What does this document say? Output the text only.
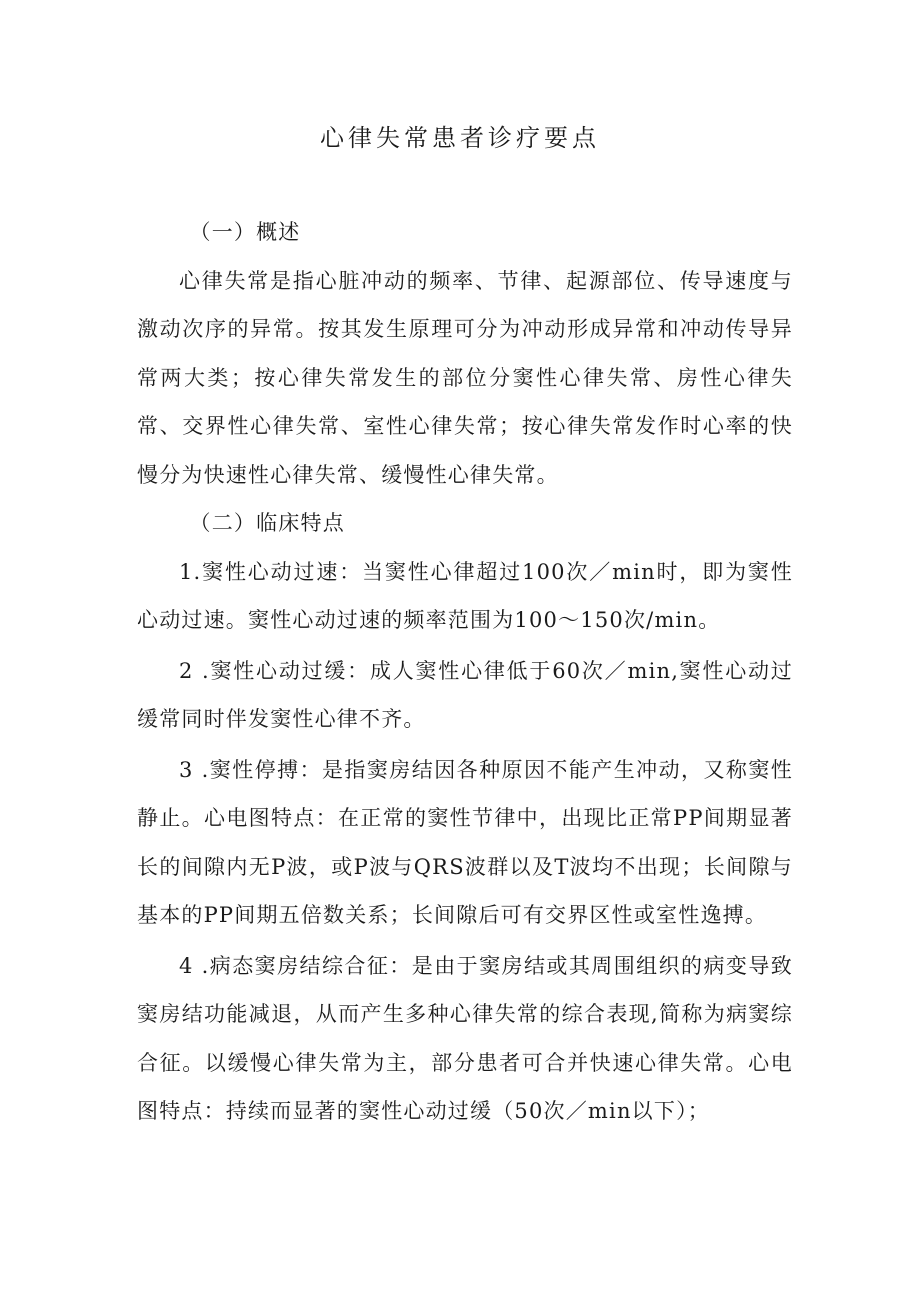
心律失常患者诊疗要点

（一）概述

心律失常是指心脏冲动的频率、节律、起源部位、传导速度与激动次序的异常。按其发生原理可分为冲动形成异常和冲动传导异常两大类；按心律失常发生的部位分窦性心律失常、房性心律失常、交界性心律失常、室性心律失常；按心律失常发作时心率的快慢分为快速性心律失常、缓慢性心律失常。

（二）临床特点

1.窦性心动过速：当窦性心律超过100次／min时，即为窦性心动过速。窦性心动过速的频率范围为100～150次/min。

2 .窦性心动过缓：成人窦性心律低于60次／min,窦性心动过缓常同时伴发窦性心律不齐。

3 .窦性停搏：是指窦房结因各种原因不能产生冲动，又称窦性静止。心电图特点：在正常的窦性节律中，出现比正常PP间期显著长的间隙内无P波，或P波与QRS波群以及T波均不出现；长间隙与基本的PP间期五倍数关系；长间隙后可有交界区性或室性逸搏。

4 .病态窦房结综合征：是由于窦房结或其周围组织的病变导致窦房结功能减退，从而产生多种心律失常的综合表现,简称为病窦综合征。以缓慢心律失常为主，部分患者可合并快速心律失常。心电图特点：持续而显著的窦性心动过缓（50次／min以下）；
